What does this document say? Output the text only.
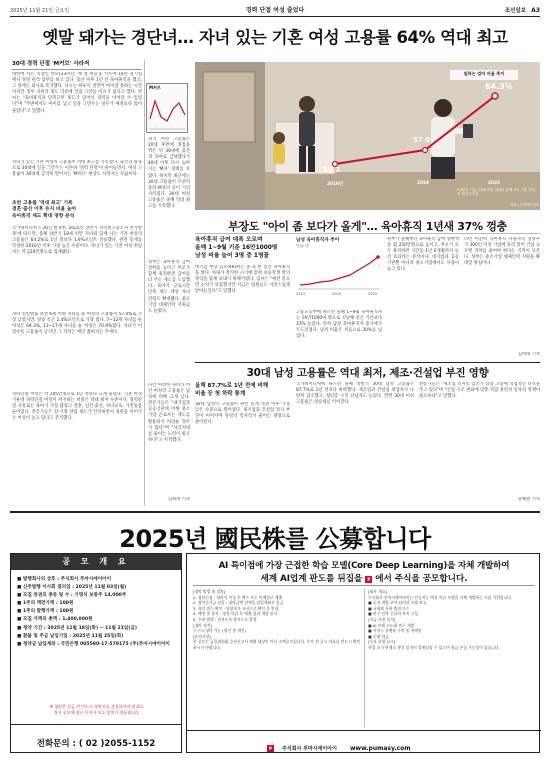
2025년 11월 21일 금요일	경력 단절 여성 줄었다	조선일보 A3
옛말 돼가는 경단녀… 자녀 있는 기혼 여성 고용률 64% 역대 최고
30대 경력 단절 'M커브' 사라져
대한에 사는 직장인 박모(33)씨는 세 살 아들을 키우며 10년 경기업에서 경영 관리 업무를 하고 있다. 출산 이후 1년 간 육아휴직을 했고, 그 뒤에는 회사로 복귀했다. 다시는 하루의 절반이 아이랑 못하는 시간이지만 정부 지원과 제도 덕분에 일을 그만둘 이유가 없다고 했다. 박씨는 "육아휴직과 단축근무 제도가 있어서 경력을 이어갈 수 있었다"며 "주변에서도 아이를 낳고 일을 그만두는 경우가 예전보다 많이 줄었다"고 말했다.
자녀가 있는 기혼 여성의 고용률이 역대 최고를 기록했다. 출산과 양육으로 30대에 일을 그만두는 이른바 '경력 단절'이 줄어들면서, 여성 고용률이 30대에 급격히 떨어지는 'M커브' 현상도 사라지는 모습이다.
초반 고용률 '역대 최고' 기록
결혼·출산 이후 유지 비율 높아
육아휴직 제도 확대 영향 분석
국가데이터처가 20일 발표한 '2025년 상반기 지역별고용조사 부가항목'에 따르면, 올해 상반기 18세 미만 자녀와 함께 사는 기혼 여성의 고용률은 64.2%로 1년 전보다 1.9%포인트 상승했다. 관련 통계를 작성한 2016년 이후 가장 높은 수준이다. 자녀가 있는 기혼 여성 취업자는 약 220만명으로 집계됐다.
자녀 연령별로 보면 6세 이하 자녀를 둔 여성의 고용률이 57.0%로 가장 낮았지만, 상승 폭은 2.4%포인트로 가장 컸다. 7~12세 자녀를 둔 여성은 64.3%, 13~17세 자녀를 둔 여성은 70.9%였다. 자녀가 어릴수록 고용률이 낮지만 그 격차는 매년 좁혀지는 추세다.
경력단절 여성은 약 105만명으로 1년 전보다 크게 줄었다. 기혼 여성 가운데 경력단절 여성이 차지하는 비중은 역대 최저 수준이다. 경력단절 사유로는 육아가 가장 많았고 결혼, 임신·출산, 자녀교육, 가족돌봄 순이었다. 전문가들은 일·가정 양립 제도가 안착하면서 경력을 이어가는 여성이 늘고 있다고 분석했다.
M커브
과거 여성 고용률은 20대 후반에 정점을 찍은 뒤 30대에 출산과 육아로 급락했다가 40대 이후 다시 높아지는 'M자' 형태를 보였다. 하지만 최근에는 30대 고용률이 꾸준히 올라 M자의 골이 거의 사라졌다. 30대 여성 고용률은 올해 역대 최고를 기록했다.
정부는 육아휴직 급여 상한을 높이고 부모가 함께 휴직하면 급여를 더 주는 제도를 도입했다. 육아기 근로시간 단축 제도 대상 자녀 연령도 확대됐다. 중소기업 대체인력 지원금도 늘렸다.
다만 여전히 자녀가 어린 여성의 고용률은 남성에 비해 크게 낮다. 전문가들은 "대기업과 공공기관에 비해 중소기업 근로자는 제도를 활용하기 어려운 경우가 많다"며 "사각지대를 줄이는 노력이 필요하다"고 지적했다.
김희래 기자
일하는 엄마 비율 추이
55.2
57.0
64.3%
2016년	2020	2025
*상반기 기준, 18세 미만 자녀와 함께 사는 기혼 여성 중 취업자 비율
자료=국가데이터처
부장도 "아이 좀 보다가 올게"… 육아휴직 1년새 37% 껑충
육아휴직 급여 대폭 오르며
올해 1~9월 기준 16만1000명
남성 비율 늘어 3명 중 1명꼴
대기업 부장 김모(46)씨는 올 초 한 달간 육아휴직을 썼다. 아내가 복직한 시기에 맞춰 초등학생 딸의 방학을 함께 보내기 위해서였다. 김씨는 "예전 같으면 눈치가 보였겠지만 지금은 팀원들도 자연스럽게 받아들인다"고 말했다.
남성 육아휴직자 추이
단위: 명
2015	2020	2025
고용노동부에 따르면 올해 1~9월 육아휴직자는 16만1000여 명으로 지난해 같은 기간보다 37% 늘었다. 특히 남성 육아휴직자 증가세가 두드러졌다. 남성 비율은 처음으로 30%를 넘었다.
정부가 올해부터 육아휴직 급여 상한액을 월 250만원으로 높이고, 부모가 모두 휴직하면 기간을 1년 6개월까지 늘린 효과라는 분석이다. 대기업과 공공기관뿐 아니라 중소기업에서도 사용이 늘고 있다.
다만 여전히 육아휴직 사용자의 상당수가 300인 이상 기업에 몰려 있어 기업 규모별 격차를 줄여야 한다는 지적이 나온다. 정부는 중소기업 대체인력 지원을 확대할 방침이다.
김희래 기자
30대 남성 고용률은 역대 최저, 제조·건설업 부진 영향
올해 87.7%로 1년 전에 비해
비율 등 첫 하락 통계
30대 남성의 고용률이 관련 통계 작성 이후 가장 낮은 수준으로 떨어졌다. 제조업과 건설업 경기 부진이 이어지며 양질의 일자리가 줄어든 영향으로 풀이된다.
국가데이터처에 따르면 올해 상반기 30대 남성 고용률은 87.7%로 1년 전보다 하락했다. 제조업과 건설업 취업자가 나란히 감소했고, 청년층 구직 단념자도 늘었다. 반면 30대 여성 고용률은 상승세를 이어갔다.
전문가들은 "제조업 일자리 감소가 남성 고용에 직접적인 타격을 주고 있다"며 "산업 구조 변화에 맞춘 직업 훈련과 일자리 정책이 필요하다"고 말했다.
송혜원 기자
2025년 國民株를 公募합니다
공 모 개 요
■ 발행회사의 상호 : 주식회사 푸마시에이아이
■ 신주발행 이사회 결의일 : 2025년 11월 03일(월)
■ 모집 증권의 종류 및 수 : 기명식 보통주 14,000주
■ 1주의 액면가액 : 100원
■ 1주의 발행가액 : 100원
■ 모집 가액의 총액 : 1,400,000원
■ 청약 기간 : 2025년 11월 18일(화) ~ 11월 21일(금)
■ 환불 및 주금 납입기일 : 2025년 11월 25일(화)
■ 청약금 납입계좌 : 국민은행 005590-17-579175 (주)푸마시에이아이
※ 청약은 입금 전 반드시 청약서를 작성하셔야 합니다.
정식 공모에 따른 투자자 보호 장치가 적용됩니다.
전화문의 : ( 02 )2055-1152
AI 특이점에 가장 근접한 학습 모델(Core Deep Learning)을 자체 개발하여
세계 AI업계 판도를 뒤집을 P 에서 주식을 공모합니다.
[청약 방법 및 절차]
1. 청약신청 : 청약서 작성 후 팩스 또는 이메일로 제출
2. 청약증거금 납입 : 청약금액 전액을 납입계좌로 입금
3. 청약 접수 확인 : 담당자가 유선으로 확인 후 안내
4. 배정 및 통지 : 청약 마감 후 배정 결과 개별 통지
5. 주권 발행 : 전자등록 방식으로 발행
[청약 자격]
누구나 청약 가능 (법인 및 개인)
[유의사항]
본 공모는 금융위원회 증권신고서 제출 대상이 아닌 소액공모입니다. 투자 전 공시 자료를 반드시 확인하시기 바랍니다.
[회사 개요]
주식회사 푸마시에이아이는 인공지능 핵심 학습 모델을 자체 개발하는 기술 기업입니다.
■ 독자 개발 코어 딥러닝 모델 보유
■ 국내외 특허 출원 다수
■ 연구 인력 중심의 조직 구성
[자금 사용 목적]
■ AI 모델 고도화 연구 개발
■ 서비스 플랫폼 구축 및 마케팅
■ 운영 자금
[투자 위험 요소]
사업 초기 단계로 향후 실적이 불확실할 수 있으며 원금 손실 가능성이 있습니다.
P 주식회사 푸마시에이아이 www.pumasy.com
